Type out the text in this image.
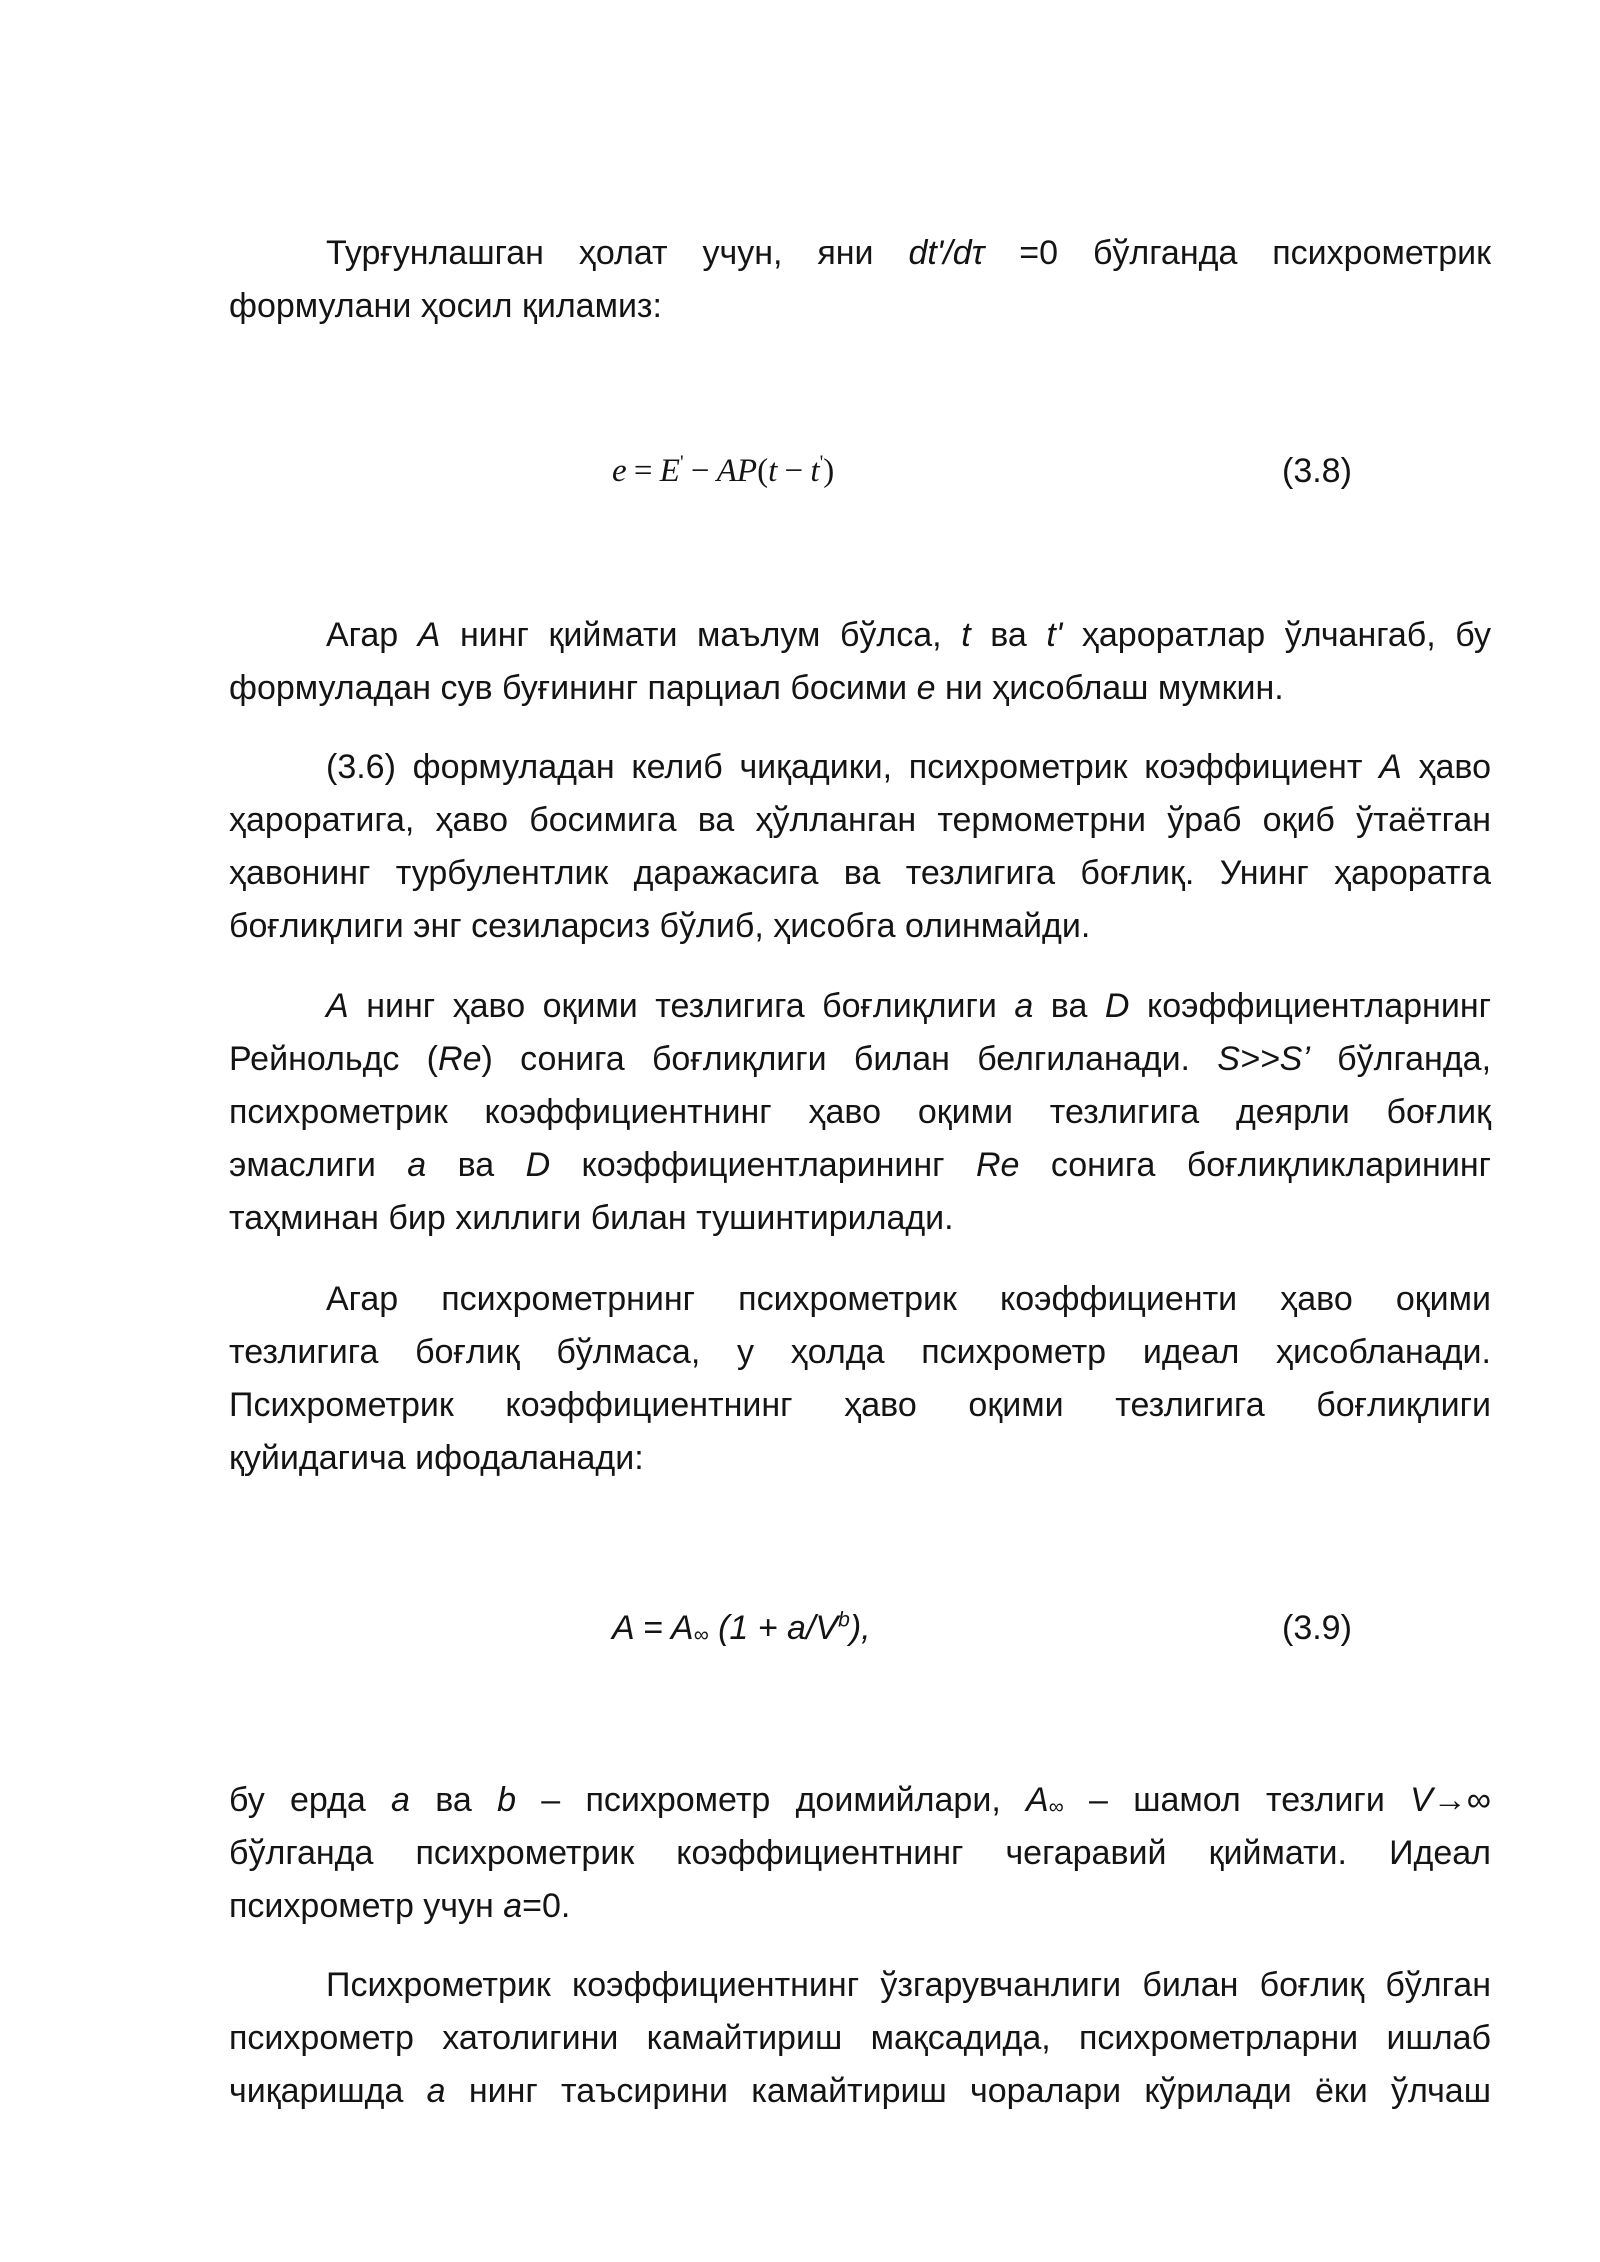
Турғунлашган ҳолат учун, яни dt'/dτ =0 бўлганда психрометрик
формулани ҳосил қиламиз:
e = E' − AP(t − t')	(3.8)
Агар A нинг қиймати маълум бўлса, t ва t' ҳароратлар ўлчангаб, бу
формуладан сув буғининг парциал босими e ни ҳисоблаш мумкин.
(3.6) формуладан келиб чиқадики, психрометрик коэффициент A ҳаво
ҳароратига, ҳаво босимига ва ҳўлланган термометрни ўраб оқиб ўтаётган
ҳавонинг турбулентлик даражасига ва тезлигига боғлиқ. Унинг ҳароратга
боғлиқлиги энг сезиларсиз бўлиб, ҳисобга олинмайди.
A нинг ҳаво оқими тезлигига боғлиқлиги a ва D коэффициентларнинг
Рейнольдс (Re) сонига боғлиқлиги билан белгиланади. S>>S’ бўлганда,
психрометрик коэффициентнинг ҳаво оқими тезлигига деярли боғлиқ
эмаслиги a ва D коэффициентларининг Re сонига боғлиқликларининг
таҳминан бир хиллиги билан тушинтирилади.
Агар психрометрнинг психрометрик коэффициенти ҳаво оқими
тезлигига боғлиқ бўлмаса, у ҳолда психрометр идеал ҳисобланади.
Психрометрик коэффициентнинг ҳаво оқими тезлигига боғлиқлиги
қуйидагича ифодаланади:
A = A∞ $(1 + a/V^b)$,	(3.9)
бу ерда a ва b – психрометр доимийлари, A∞ – шамол тезлиги V→∞
бўлганда психрометрик коэффициентнинг чегаравий қиймати. Идеал
психрометр учун a=0.
Психрометрик коэффициентнинг ўзгарувчанлиги билан боғлиқ бўлган
психрометр хатолигини камайтириш мақсадида, психрометрларни ишлаб
чиқаришда a нинг таъсирини камайтириш чоралари кўрилади ёки ўлчаш
